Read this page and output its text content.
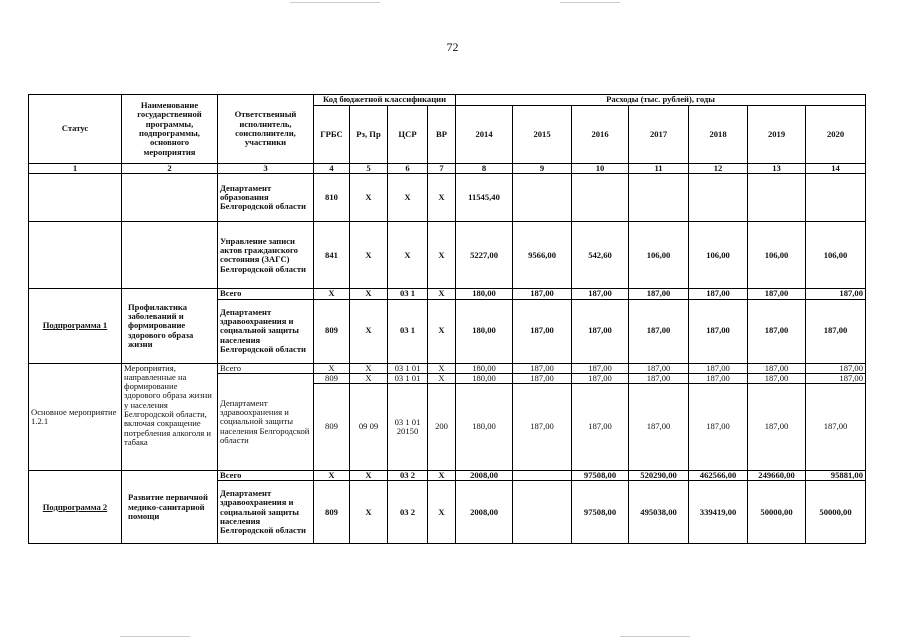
72
Статус	Наименование государственной программы, подпрограммы, основного мероприятия	Ответственный исполнитель, соисполнители, участники	Код бюджетной классификации				Расходы (тыс. рублей), годы						
			ГРБС	Рз, Пр	ЦСР	ВР	2014	2015	2016	2017	2018	2019	2020
1	2	3	4	5	6	7	8	9	10	11	12	13	14
		Департамент образования Белгородской области	810	X	X	X	11545,40						
		Управление записи актов гражданского состояния (ЗАГС) Белгородской области	841	X	X	X	5227,00	9566,00	542,60	106,00	106,00	106,00	106,00
Подпрограмма 1	Профилактика заболеваний и формирование здорового образа жизни	Всего	X	X	03 1	X	180,00	187,00	187,00	187,00	187,00	187,00	187,00
		Департамент здравоохранения и социальной защиты населения Белгородской области	809	X	03 1	X	180,00	187,00	187,00	187,00	187,00	187,00	187,00
Основное мероприятие 1.2.1	Мероприятия, направленные на формирование здорового образа жизни у населения Белгородской области, включая сокращение потребления алкоголя и табака	Всего	X	X	03 1 01	X	180,00	187,00	187,00	187,00	187,00	187,00	187,00
		Департамент здравоохранения и социальной защиты населения Белгородской области	809	X	03 1 01	X	180,00	187,00	187,00	187,00	187,00	187,00	187,00
			809	09 09	03 1 01 20150	200	180,00	187,00	187,00	187,00	187,00	187,00	187,00
Подпрограмма 2	Развитие первичной медико-санитарной помощи	Всего	X	X	03 2	X	2008,00		97508,00	520290,00	462566,00	249660,00	95881,00
		Департамент здравоохранения и социальной защиты населения Белгородской области	809	X	03 2	X	2008,00		97508,00	495038,00	339419,00	50000,00	50000,00
